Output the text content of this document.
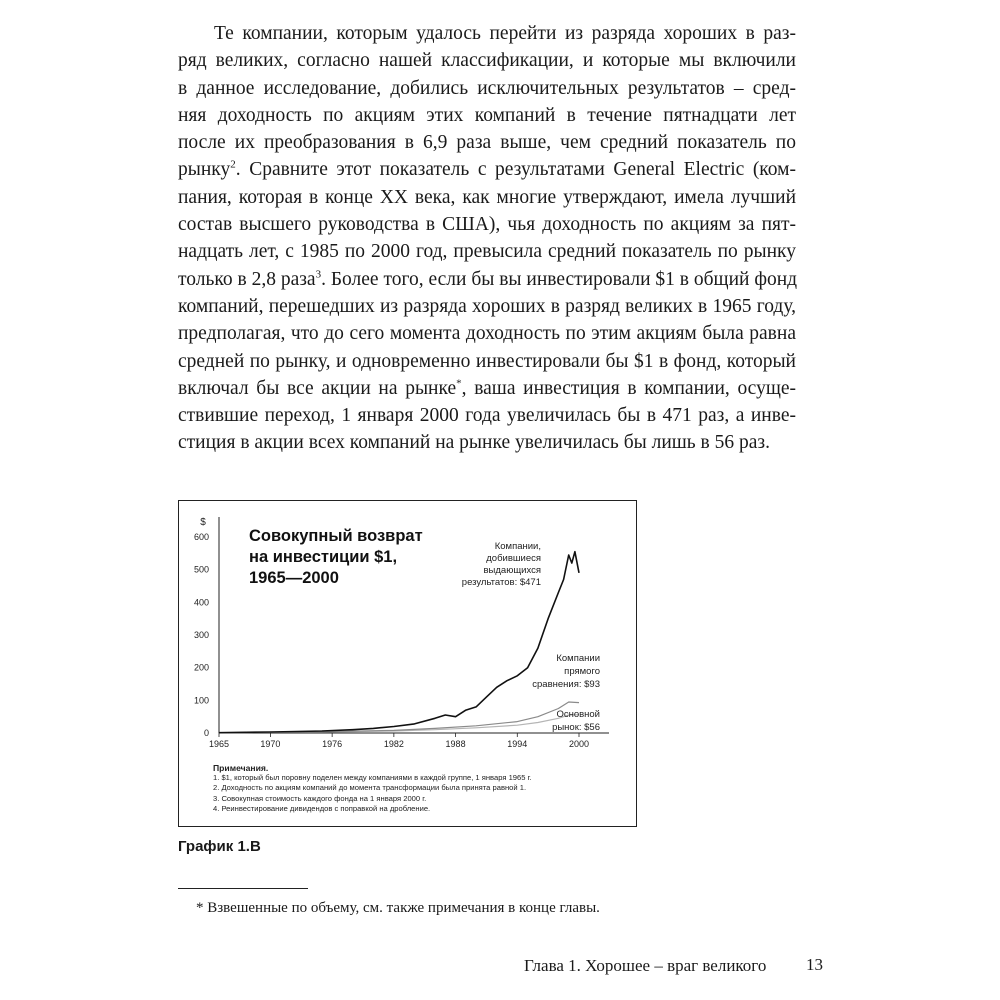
Те компании, которым удалось перейти из разряда хороших в раз-
ряд великих, согласно нашей классификации, и которые мы включили
в данное исследование, добились исключительных результатов – сред-
няя доходность по акциям этих компаний в течение пятнадцати лет
после их преобразования в 6,9 раза выше, чем средний показатель по
рынку$^2$. Сравните этот показатель с результатами General Electric (ком-
пания, которая в конце XX века, как многие утверждают, имела лучший
состав высшего руководства в США), чья доходность по акциям за пят-
надцать лет, с 1985 по 2000 год, превысила средний показатель по рынку
только в 2,8 раза$^3$. Более того, если бы вы инвестировали $1 в общий фонд
компаний, перешедших из разряда хороших в разряд великих в 1965 году,
предполагая, что до сего момента доходность по этим акциям была равна
средней по рынку, и одновременно инвестировали бы $1 в фонд, который
включал бы все акции на рынке*, ваша инвестиция в компании, осуще-
ствившие переход, 1 января 2000 года увеличилась бы в 471 раз, а инве-
стиция в акции всех компаний на рынке увеличилась бы лишь в 56 раз.
$
0
100
200
300
400
500
600
1965	1970	1976	1982	1988	1994	2000
Совокупный возврат
на инвестиции $1,
1965—2000
Компании,
добившиеся
выдающихся
результатов: $471
Компании
прямого
сравнения: $93
Основной
рынок: $56
Примечания.
1. $1, который был поровну поделен между компаниями в каждой группе, 1 января 1965 г.
2. Доходность по акциям компаний до момента трансформации была принята равной 1.
3. Совокупная стоимость каждого фонда на 1 января 2000 г.
4. Реинвестирование дивидендов с поправкой на дробление.
График 1.В
* Взвешенные по объему, см. также примечания в конце главы.
Глава 1. Хорошее – враг великого 13
